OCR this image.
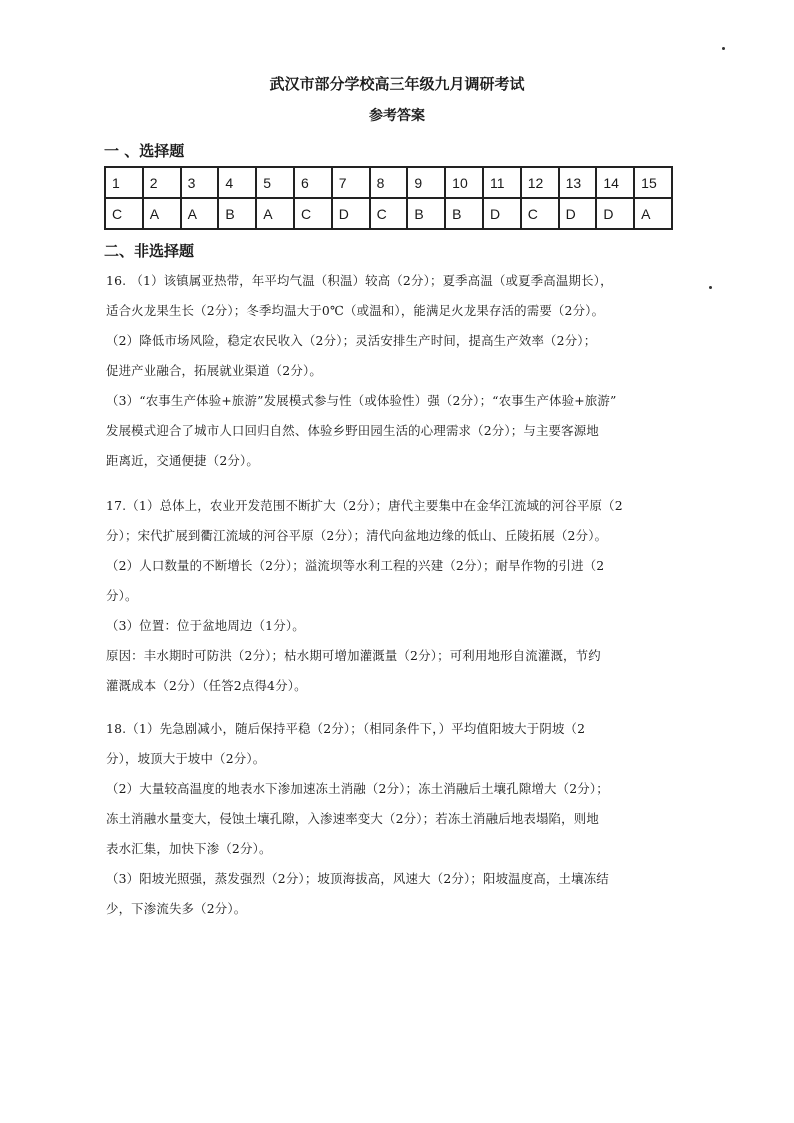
武汉市部分学校高三年级九月调研考试
参考答案
一 、选择题
1	2	3	4	5	6	7	8	9	10	11	12	13	14	15
C	A	A	B	A	C	D	C	B	B	D	C	D	D	A
二、非选择题
16. （1）该镇属亚热带，年平均气温（积温）较高（2分）；夏季高温（或夏季高温期长），
适合火龙果生长（2分）；冬季均温大于0℃（或温和），能满足火龙果存活的需要（2分）。
（2）降低市场风险，稳定农民收入（2分）；灵活安排生产时间，提高生产效率（2分）；
促进产业融合，拓展就业渠道（2分）。
（3）“农事生产体验+旅游”发展模式参与性（或体验性）强（2分）；“农事生产体验+旅游”
发展模式迎合了城市人口回归自然、体验乡野田园生活的心理需求（2分）；与主要客源地
距离近，交通便捷（2分）。
17.（1）总体上，农业开发范围不断扩大（2分）；唐代主要集中在金华江流域的河谷平原（2
分）；宋代扩展到衢江流域的河谷平原（2分）；清代向盆地边缘的低山、丘陵拓展（2分）。
（2）人口数量的不断增长（2分）；溢流坝等水利工程的兴建（2分）；耐旱作物的引进（2
分）。
（3）位置：位于盆地周边（1分）。
原因：丰水期时可防洪（2分）；枯水期可增加灌溉量（2分）；可利用地形自流灌溉，节约
灌溉成本（2分）（任答2点得4分）。
18.（1）先急剧减小，随后保持平稳（2分）；（相同条件下，）平均值阳坡大于阴坡（2
分），坡顶大于坡中（2分）。
（2）大量较高温度的地表水下渗加速冻土消融（2分）；冻土消融后土壤孔隙增大（2分）；
冻土消融水量变大，侵蚀土壤孔隙，入渗速率变大（2分）；若冻土消融后地表塌陷，则地
表水汇集，加快下渗（2分）。
（3）阳坡光照强，蒸发强烈（2分）；坡顶海拔高，风速大（2分）；阳坡温度高，土壤冻结
少，下渗流失多（2分）。
